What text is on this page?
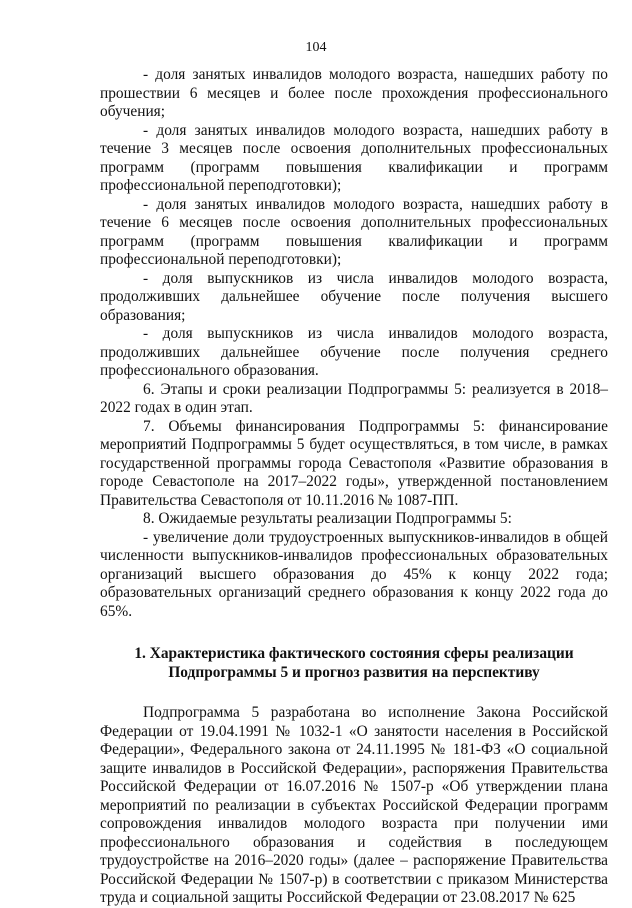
104

- доля занятых инвалидов молодого возраста, нашедших работу по прошествии 6 месяцев и более после прохождения профессионального обучения;

- доля занятых инвалидов молодого возраста, нашедших работу в течение 3 месяцев после освоения дополнительных профессиональных программ (программ повышения квалификации и программ профессиональной переподготовки);

- доля занятых инвалидов молодого возраста, нашедших работу в течение 6 месяцев после освоения дополнительных профессиональных программ (программ повышения квалификации и программ профессиональной переподготовки);

- доля выпускников из числа инвалидов молодого возраста, продолживших дальнейшее обучение после получения высшего образования;

- доля выпускников из числа инвалидов молодого возраста, продолживших дальнейшее обучение после получения среднего профессионального образования.

6. Этапы и сроки реализации Подпрограммы 5: реализуется в 2018–2022 годах в один этап.

7. Объемы финансирования Подпрограммы 5: финансирование мероприятий Подпрограммы 5 будет осуществляться, в том числе, в рамках государственной программы города Севастополя «Развитие образования в городе Севастополе на 2017–2022 годы», утвержденной постановлением Правительства Севастополя от 10.11.2016 № 1087-ПП.

8. Ожидаемые результаты реализации Подпрограммы 5:

- увеличение доли трудоустроенных выпускников-инвалидов в общей численности выпускников-инвалидов профессиональных образовательных организаций высшего образования до 45% к концу 2022 года; образовательных организаций среднего образования к концу 2022 года до 65%.

1. Характеристика фактического состояния сферы реализации Подпрограммы 5 и прогноз развития на перспективу

Подпрограмма 5 разработана во исполнение Закона Российской Федерации от 19.04.1991 № 1032-1 «О занятости населения в Российской Федерации», Федерального закона от 24.11.1995 № 181-ФЗ «О социальной защите инвалидов в Российской Федерации», распоряжения Правительства Российской Федерации от 16.07.2016 № 1507-р «Об утверждении плана мероприятий по реализации в субъектах Российской Федерации программ сопровождения инвалидов молодого возраста при получении ими профессионального образования и содействия в последующем трудоустройстве на 2016–2020 годы» (далее – распоряжение Правительства Российской Федерации № 1507-р) в соответствии с приказом Министерства труда и социальной защиты Российской Федерации от 23.08.2017 № 625
